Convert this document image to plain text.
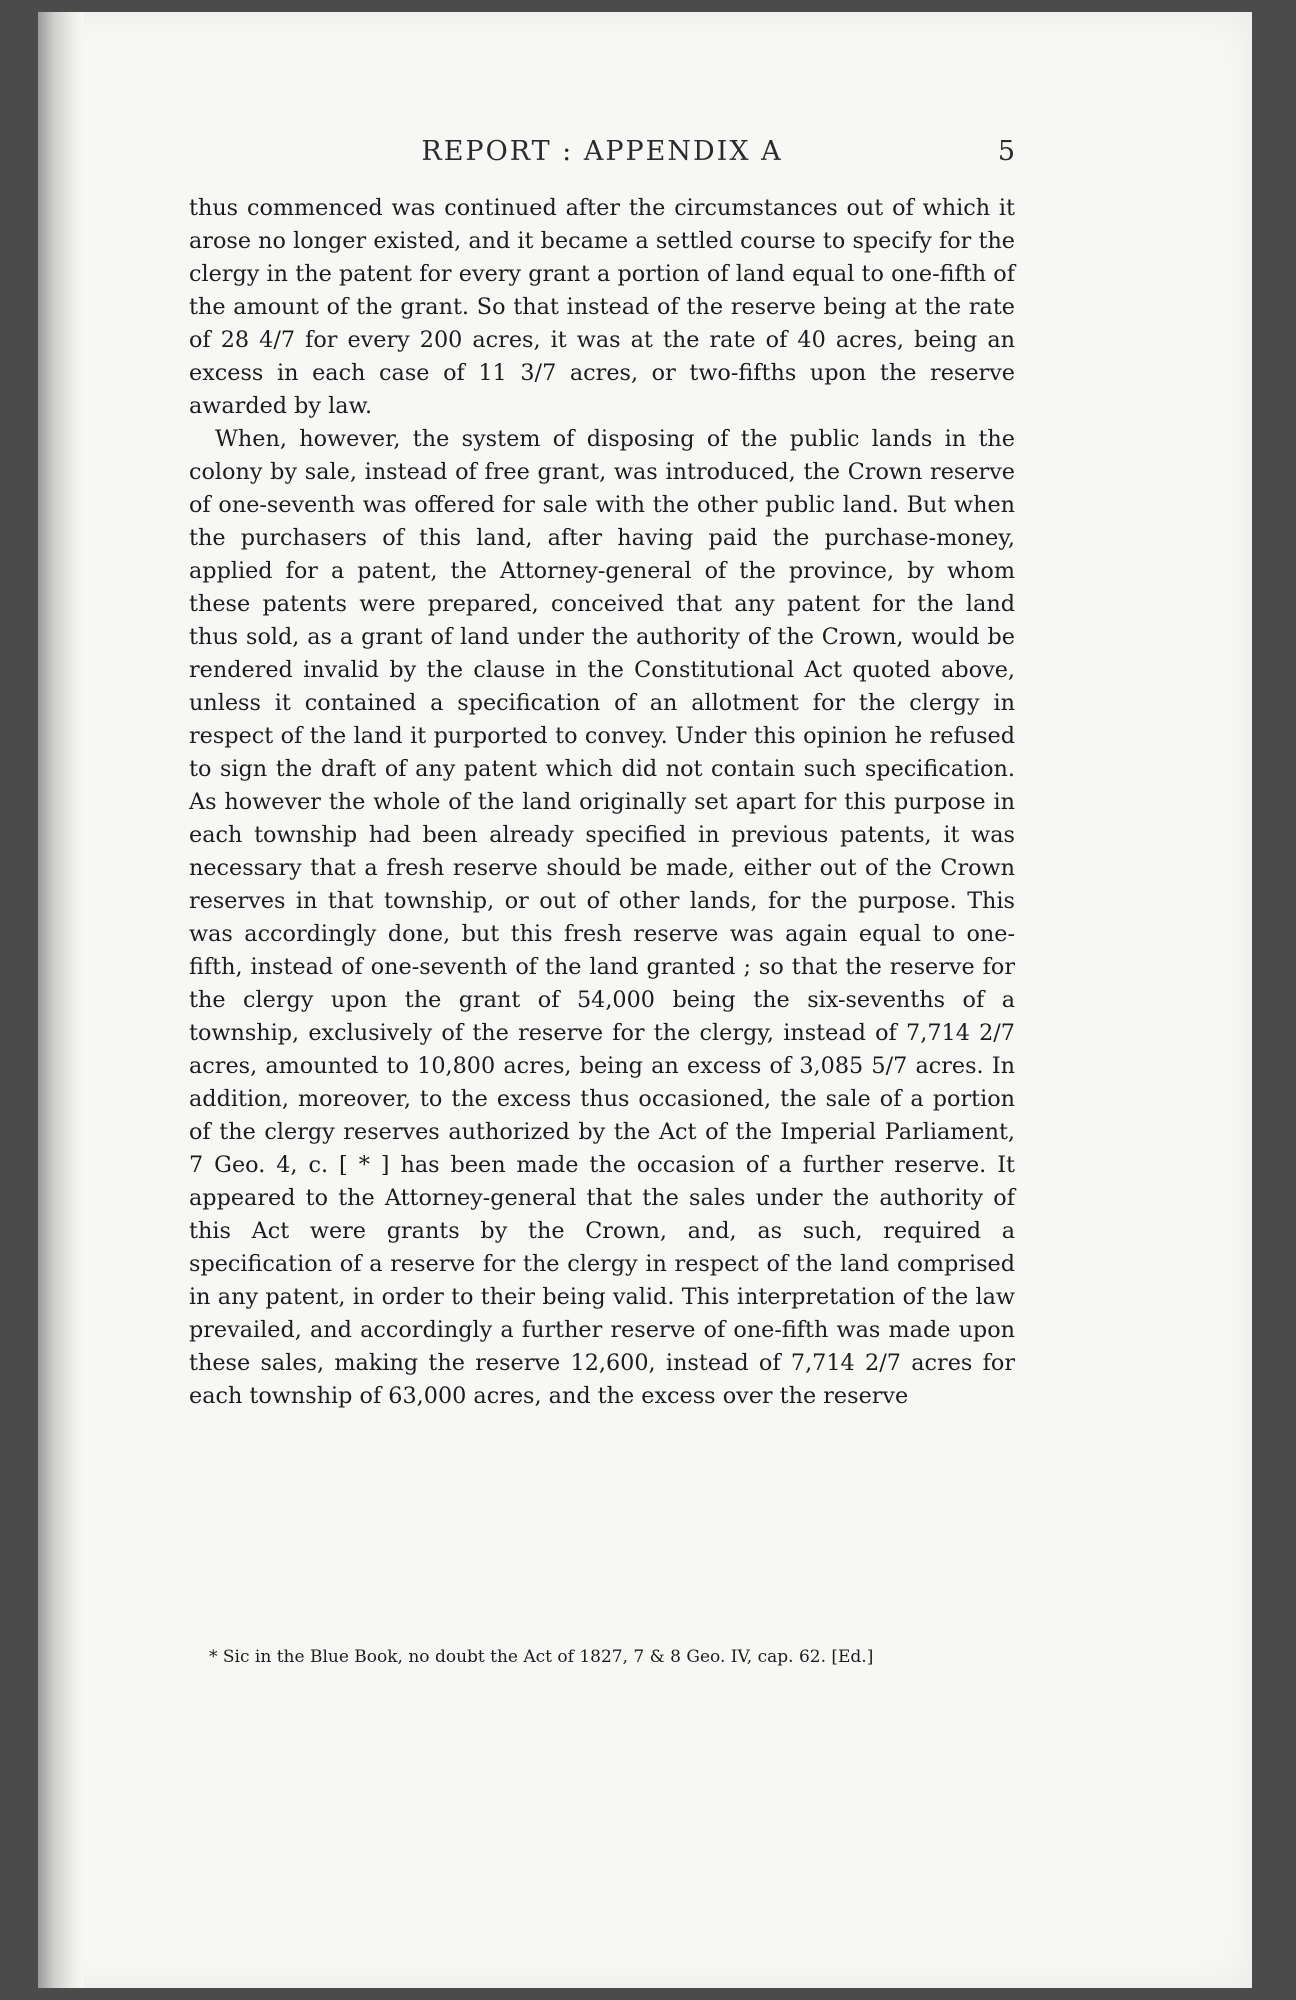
REPORT : APPENDIX A	5

thus commenced was continued after the circumstances out of which it arose no longer existed, and it became a settled course to specify for the clergy in the patent for every grant a portion of land equal to one-fifth of the amount of the grant. So that instead of the reserve being at the rate of 28 4/7 for every 200 acres, it was at the rate of 40 acres, being an excess in each case of 11 3/7 acres, or two-fifths upon the reserve awarded by law.

When, however, the system of disposing of the public lands in the colony by sale, instead of free grant, was introduced, the Crown reserve of one-seventh was offered for sale with the other public land. But when the purchasers of this land, after having paid the purchase-money, applied for a patent, the Attorney-general of the province, by whom these patents were prepared, conceived that any patent for the land thus sold, as a grant of land under the authority of the Crown, would be rendered invalid by the clause in the Constitutional Act quoted above, unless it contained a specification of an allotment for the clergy in respect of the land it purported to convey. Under this opinion he refused to sign the draft of any patent which did not contain such specification. As however the whole of the land originally set apart for this purpose in each township had been already specified in previous patents, it was necessary that a fresh reserve should be made, either out of the Crown reserves in that township, or out of other lands, for the purpose. This was accordingly done, but this fresh reserve was again equal to one-fifth, instead of one-seventh of the land granted ; so that the reserve for the clergy upon the grant of 54,000 being the six-sevenths of a township, exclusively of the reserve for the clergy, instead of 7,714 2/7 acres, amounted to 10,800 acres, being an excess of 3,085 5/7 acres. In addition, moreover, to the excess thus occasioned, the sale of a portion of the clergy reserves authorized by the Act of the Imperial Parliament, 7 Geo. 4, c. [ * ] has been made the occasion of a further reserve. It appeared to the Attorney-general that the sales under the authority of this Act were grants by the Crown, and, as such, required a specification of a reserve for the clergy in respect of the land comprised in any patent, in order to their being valid. This interpretation of the law prevailed, and accordingly a further reserve of one-fifth was made upon these sales, making the reserve 12,600, instead of 7,714 2/7 acres for each township of 63,000 acres, and the excess over the reserve

* Sic in the Blue Book, no doubt the Act of 1827, 7 & 8 Geo. IV, cap. 62. [Ed.]
